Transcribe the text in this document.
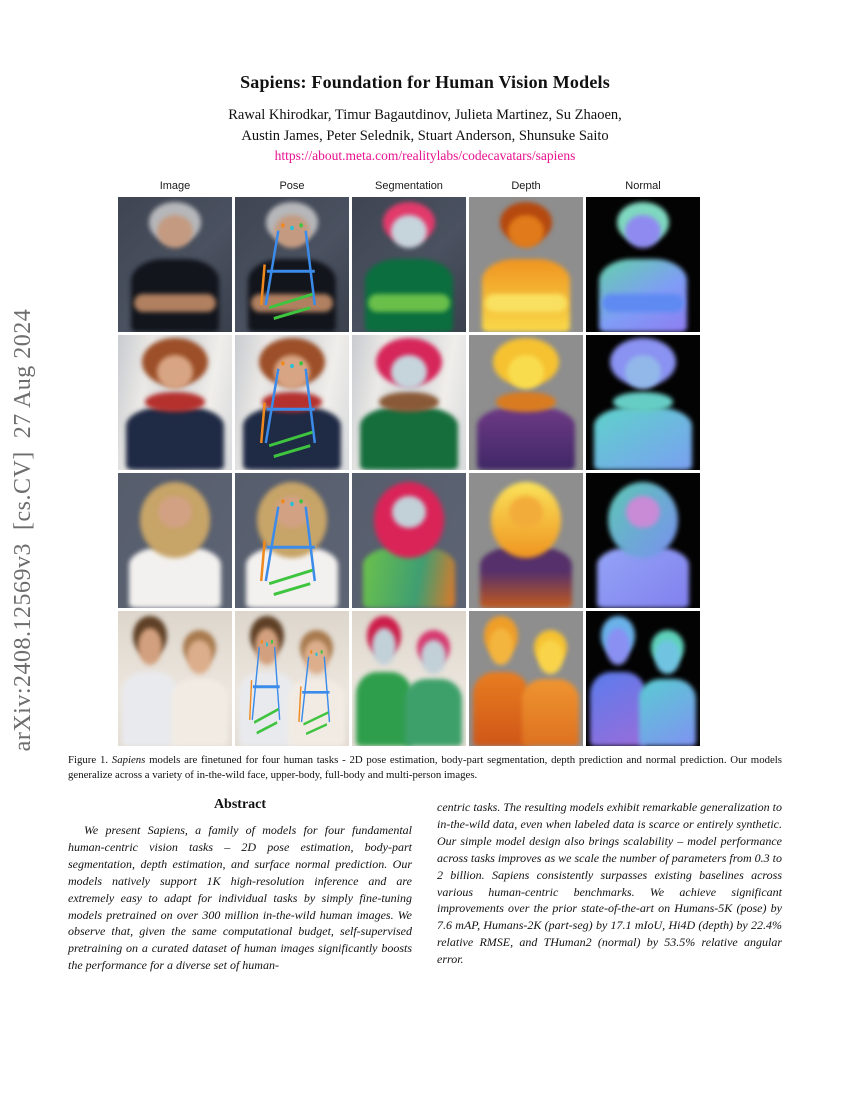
arXiv:2408.12569v3  [cs.CV]  27 Aug 2024
Sapiens: Foundation for Human Vision Models
Rawal Khirodkar, Timur Bagautdinov, Julieta Martinez, Su Zhaoen,
Austin James, Peter Selednik, Stuart Anderson, Shunsuke Saito
https://about.meta.com/realitylabs/codecavatars/sapiens
Image	Pose	Segmentation	Depth	Normal
Figure 1. Sapiens models are finetuned for four human tasks - 2D pose estimation, body-part segmentation, depth prediction and normal prediction. Our models generalize across a variety of in-the-wild face, upper-body, full-body and multi-person images.
Abstract
We present Sapiens, a family of models for four fundamental human-centric vision tasks – 2D pose estimation, body-part segmentation, depth estimation, and surface normal prediction. Our models natively support 1K high-resolution inference and are extremely easy to adapt for individual tasks by simply fine-tuning models pretrained on over 300 million in-the-wild human images. We observe that, given the same computational budget, self-supervised pretraining on a curated dataset of human images significantly boosts the performance for a diverse set of human-
centric tasks. The resulting models exhibit remarkable generalization to in-the-wild data, even when labeled data is scarce or entirely synthetic. Our simple model design also brings scalability – model performance across tasks improves as we scale the number of parameters from 0.3 to 2 billion. Sapiens consistently surpasses existing baselines across various human-centric benchmarks. We achieve significant improvements over the prior state-of-the-art on Humans-5K (pose) by 7.6 mAP, Humans-2K (part-seg) by 17.1 mIoU, Hi4D (depth) by 22.4% relative RMSE, and THuman2 (normal) by 53.5% relative angular error.
